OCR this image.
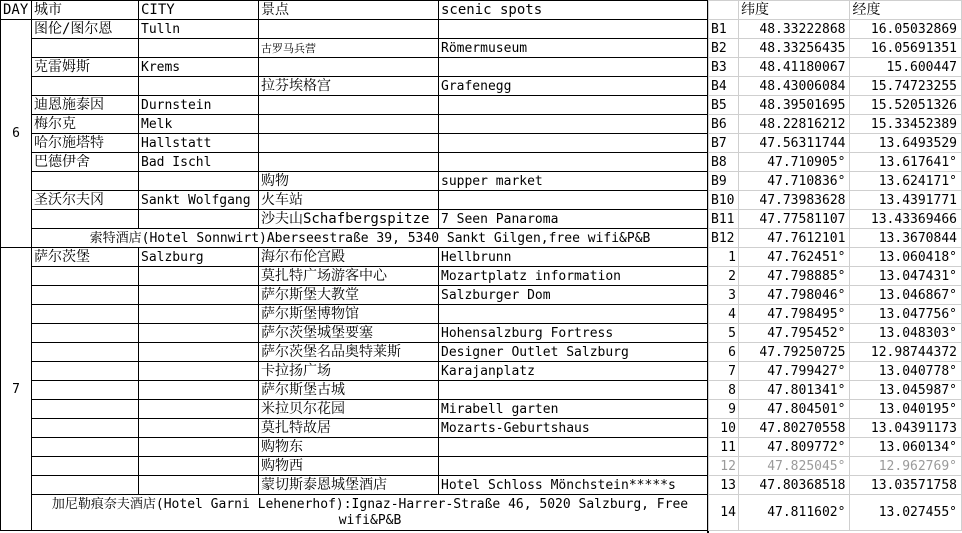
DAY	城市	CITY	景点	scenic spots
6	图伦/图尔恩	Tulln		
			古罗马兵营	Römermuseum
	克雷姆斯	Krems		
			拉芬埃格宫	Grafenegg
	迪恩施泰因	Durnstein		
	梅尔克	Melk		
	哈尔施塔特	Hallstatt		
	巴德伊舍	Bad Ischl		
			购物	supper market
	圣沃尔夫冈	Sankt Wolfgang	火车站	
			沙夫山Schafbergspitze	7 Seen Panaroma
	索特酒店(Hotel Sonnwirt)Aberseestraße 39, 5340 Sankt Gilgen,free wifi&P&B			
7	萨尔茨堡	Salzburg	海尔布伦宫殿	Hellbrunn
			莫扎特广场游客中心	Mozartplatz information
			萨尔斯堡大教堂	Salzburger Dom
			萨尔斯堡博物馆	
			萨尔茨堡城堡要塞	Hohensalzburg Fortress
			萨尔茨堡名品奥特莱斯	Designer Outlet Salzburg
			卡拉扬广场	Karajanplatz
			萨尔斯堡古城	
			米拉贝尔花园	Mirabell garten
			莫扎特故居	Mozarts-Geburtshaus
			购物东	
			购物西	
			蒙切斯泰恩城堡酒店	Hotel Schloss Mönchstein*****s
	加尼勒痕奈夫酒店(Hotel Garni Lehenerhof):Ignaz-Harrer-Straße 46, 5020 Salzburg, Free wifi&P&B			
	纬度	经度
B1	48.33222868	16.05032869
B2	48.33256435	16.05691351
B3	48.41180067	15.600447
B4	48.43006084	15.74723255
B5	48.39501695	15.52051326
B6	48.22816212	15.33452389
B7	47.56311744	13.6493529
B8	47.710905°	13.617641°
B9	47.710836°	13.624171°
B10	47.73983628	13.4391771
B11	47.77581107	13.43369466
B12	47.7612101	13.3670844
1	47.762451°	13.060418°
2	47.798885°	13.047431°
3	47.798046°	13.046867°
4	47.798495°	13.047756°
5	47.795452°	13.048303°
6	47.79250725	12.98744372
7	47.799427°	13.040778°
8	47.801341°	13.045987°
9	47.804501°	13.040195°
10	47.80270558	13.04391173
11	47.809772°	13.060134°
12	47.825045°	12.962769°
13	47.80368518	13.03571758
14	47.811602°	13.027455°
